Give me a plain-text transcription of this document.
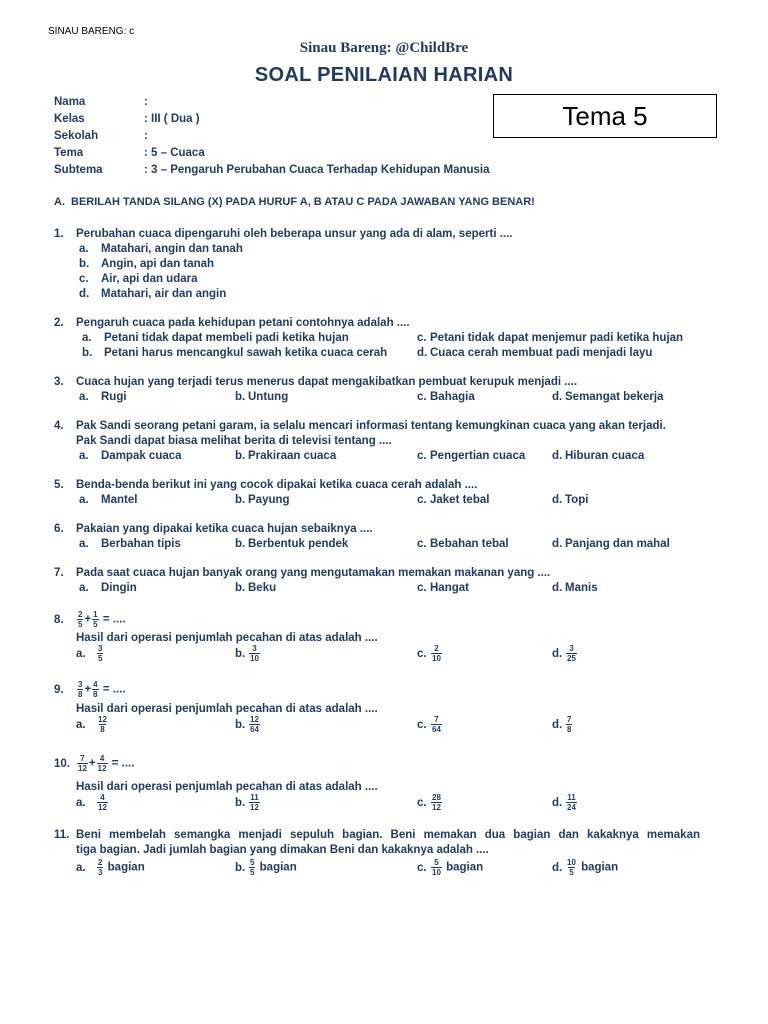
SINAU BARENG: c
Sinau Bareng: @ChildBre
SOAL PENILAIAN HARIAN
Tema 5
Nama	:
Kelas	: III ( Dua )
Sekolah	:
Tema	: 5 – Cuaca
Subtema	: 3 – Pengaruh Perubahan Cuaca Terhadap Kehidupan Manusia
A. BERILAH TANDA SILANG (X) PADA HURUF A, B ATAU C PADA JAWABAN YANG BENAR!
1. Perubahan cuaca dipengaruhi oleh beberapa unsur yang ada di alam, seperti ....
a. Matahari, angin dan tanah
b. Angin, api dan tanah
c. Air, api dan udara
d. Matahari, air dan angin
2. Pengaruh cuaca pada kehidupan petani contohnya adalah ....
a. Petani tidak dapat membeli padi ketika hujan	c. Petani tidak dapat menjemur padi ketika hujan
b. Petani harus mencangkul sawah ketika cuaca cerah	d. Cuaca cerah membuat padi menjadi layu
3. Cuaca hujan yang terjadi terus menerus dapat mengakibatkan pembuat kerupuk menjadi ....
a. Rugi	b. Untung	c. Bahagia	d. Semangat bekerja
4. Pak Sandi seorang petani garam, ia selalu mencari informasi tentang kemungkinan cuaca yang akan terjadi.
Pak Sandi dapat biasa melihat berita di televisi tentang ....
a. Dampak cuaca	b. Prakiraan cuaca	c. Pengertian cuaca d. Hiburan cuaca
5. Benda-benda berikut ini yang cocok dipakai ketika cuaca cerah adalah ....
a. Mantel	b. Payung	c. Jaket tebal	d. Topi
6. Pakaian yang dipakai ketika cuaca hujan sebaiknya ....
a. Berbahan tipis	b. Berbentuk pendek	c. Bebahan tebal	d. Panjang dan mahal
7. Pada saat cuaca hujan banyak orang yang mengutamakan memakan makanan yang ....
a. Dingin	b. Beku	c. Hangat	d. Manis
8. $\frac{2}{5} + \frac{1}{5}$ = ....
Hasil dari operasi penjumlah pecahan di atas adalah ....
a. $\frac{3}{5}$	b. $\frac{3}{10}$	c. $\frac{2}{10}$	d. $\frac{3}{25}$
9. $\frac{3}{8} + \frac{4}{8}$ = ....
Hasil dari operasi penjumlah pecahan di atas adalah ....
a. $\frac{12}{8}$	b. $\frac{12}{64}$	c. $\frac{7}{64}$	d. $\frac{7}{8}$
10. $\frac{7}{12} + \frac{4}{12}$ = ....
Hasil dari operasi penjumlah pecahan di atas adalah ....
a. $\frac{4}{12}$	b. $\frac{11}{12}$	c. $\frac{28}{12}$	d. $\frac{11}{24}$
11. Beni membelah semangka menjadi sepuluh bagian. Beni memakan dua bagian dan kakaknya memakan
tiga bagian. Jadi jumlah bagian yang dimakan Beni dan kakaknya adalah ....
a. $\frac{2}{3}$ bagian	b. $\frac{5}{5}$ bagian	c. $\frac{5}{10}$ bagian	d. $\frac{10}{5}$ bagian
